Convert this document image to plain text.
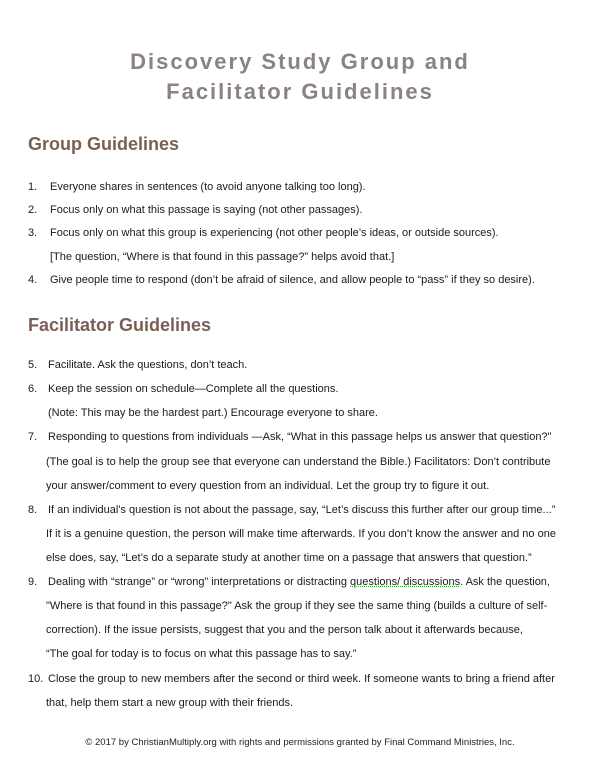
Discovery Study Group and
Facilitator Guidelines
Group Guidelines
1. Everyone shares in sentences (to avoid anyone talking too long).
2. Focus only on what this passage is saying (not other passages).
3. Focus only on what this group is experiencing (not other people’s ideas, or outside sources).
[The question, “Where is that found in this passage?” helps avoid that.]
4. Give people time to respond (don’t be afraid of silence, and allow people to “pass” if they so desire).
Facilitator Guidelines
5. Facilitate. Ask the questions, don’t teach.
6. Keep the session on schedule—Complete all the questions.
(Note: This may be the hardest part.) Encourage everyone to share.
7. Responding to questions from individuals —Ask, “What in this passage helps us answer that question?"
(The goal is to help the group see that everyone can understand the Bible.) Facilitators: Don’t contribute
your answer/comment to every question from an individual. Let the group try to figure it out.
8. If an individual's question is not about the passage, say, “Let’s discuss this further after our group time...”
If it is a genuine question, the person will make time afterwards. If you don’t know the answer and no one
else does, say, “Let’s do a separate study at another time on a passage that answers that question.”
9. Dealing with “strange” or “wrong” interpretations or distracting questions/ discussions. Ask the question,
"Where is that found in this passage?" Ask the group if they see the same thing (builds a culture of self-
correction). If the issue persists, suggest that you and the person talk about it afterwards because,
“The goal for today is to focus on what this passage has to say.”
10. Close the group to new members after the second or third week. If someone wants to bring a friend after
that, help them start a new group with their friends.
© 2017 by ChristianMultiply.org with rights and permissions granted by Final Command Ministries, Inc.
